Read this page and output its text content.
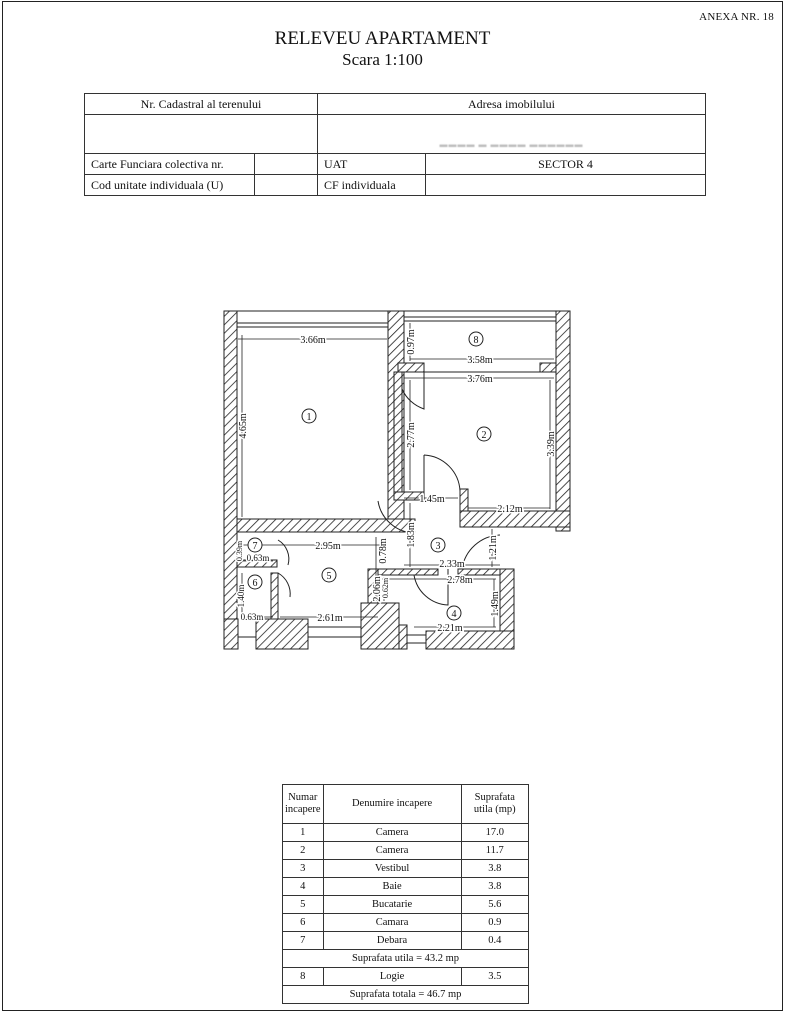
ANEXA NR. 18
RELEVEU APARTAMENT
Scara 1:100
Nr. Cadastral al terenului		Adresa imobilului	

		▬▬▬▬ ▬ ▬▬▬▬ ▬▬▬▬▬▬	

Carte Funciara colectiva nr.		UAT	SECTOR 4
Cod unitate individuala (U)		CF individuala	
1
2
3
4
5
6
7
8
3.66m
4.65m
0.97m
3.58m
3.76m
2.77m	3.39m
2.12m
1.45m
1.83m
1.21m
2.33m
0.78m
2.95m
2.06m
2.61m
0.39m 0.63m
1.40m
0.63m
2.78m
0.62m
1.49m
2.21m
Numar
incapere	Denumire incapere	Suprafata
utila (mp)
1	Camera	17.0
2	Camera	11.7
3	Vestibul	3.8
4	Baie	3.8
5	Bucatarie	5.6
6	Camara	0.9
7	Debara	0.4
Suprafata utila = 43.2 mp		
8	Logie	3.5
Suprafata totala = 46.7 mp		
